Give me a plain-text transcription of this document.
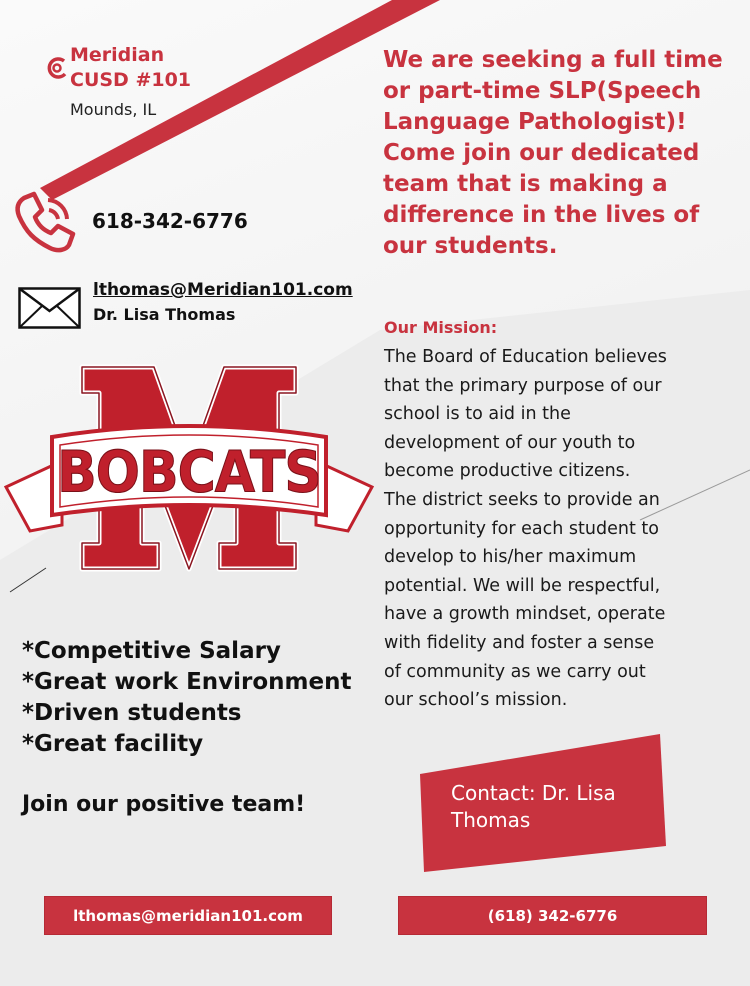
Meridian
CUSD #101
Mounds, IL
618-342-6776
lthomas@Meridian101.com
Dr. Lisa Thomas
We are seeking a full time
or part-time SLP(Speech
Language Pathologist)!
Come join our dedicated
team that is making a
difference in the lives of
our students.
Our Mission:
The Board of Education believes
that the primary purpose of our
school is to aid in the
development of our youth to
become productive citizens.
The district seeks to provide an
opportunity for each student to
develop to his/her maximum
potential. We will be respectful,
have a growth mindset, operate
with fidelity and foster a sense
of community as we carry out
our school’s mission.
BOBCATS
*Competitive Salary
*Great work Environment
*Driven students
*Great facility
Join our positive team!	Contact: Dr. Lisa
Thomas
lthomas@meridian101.com	(618) 342-6776
